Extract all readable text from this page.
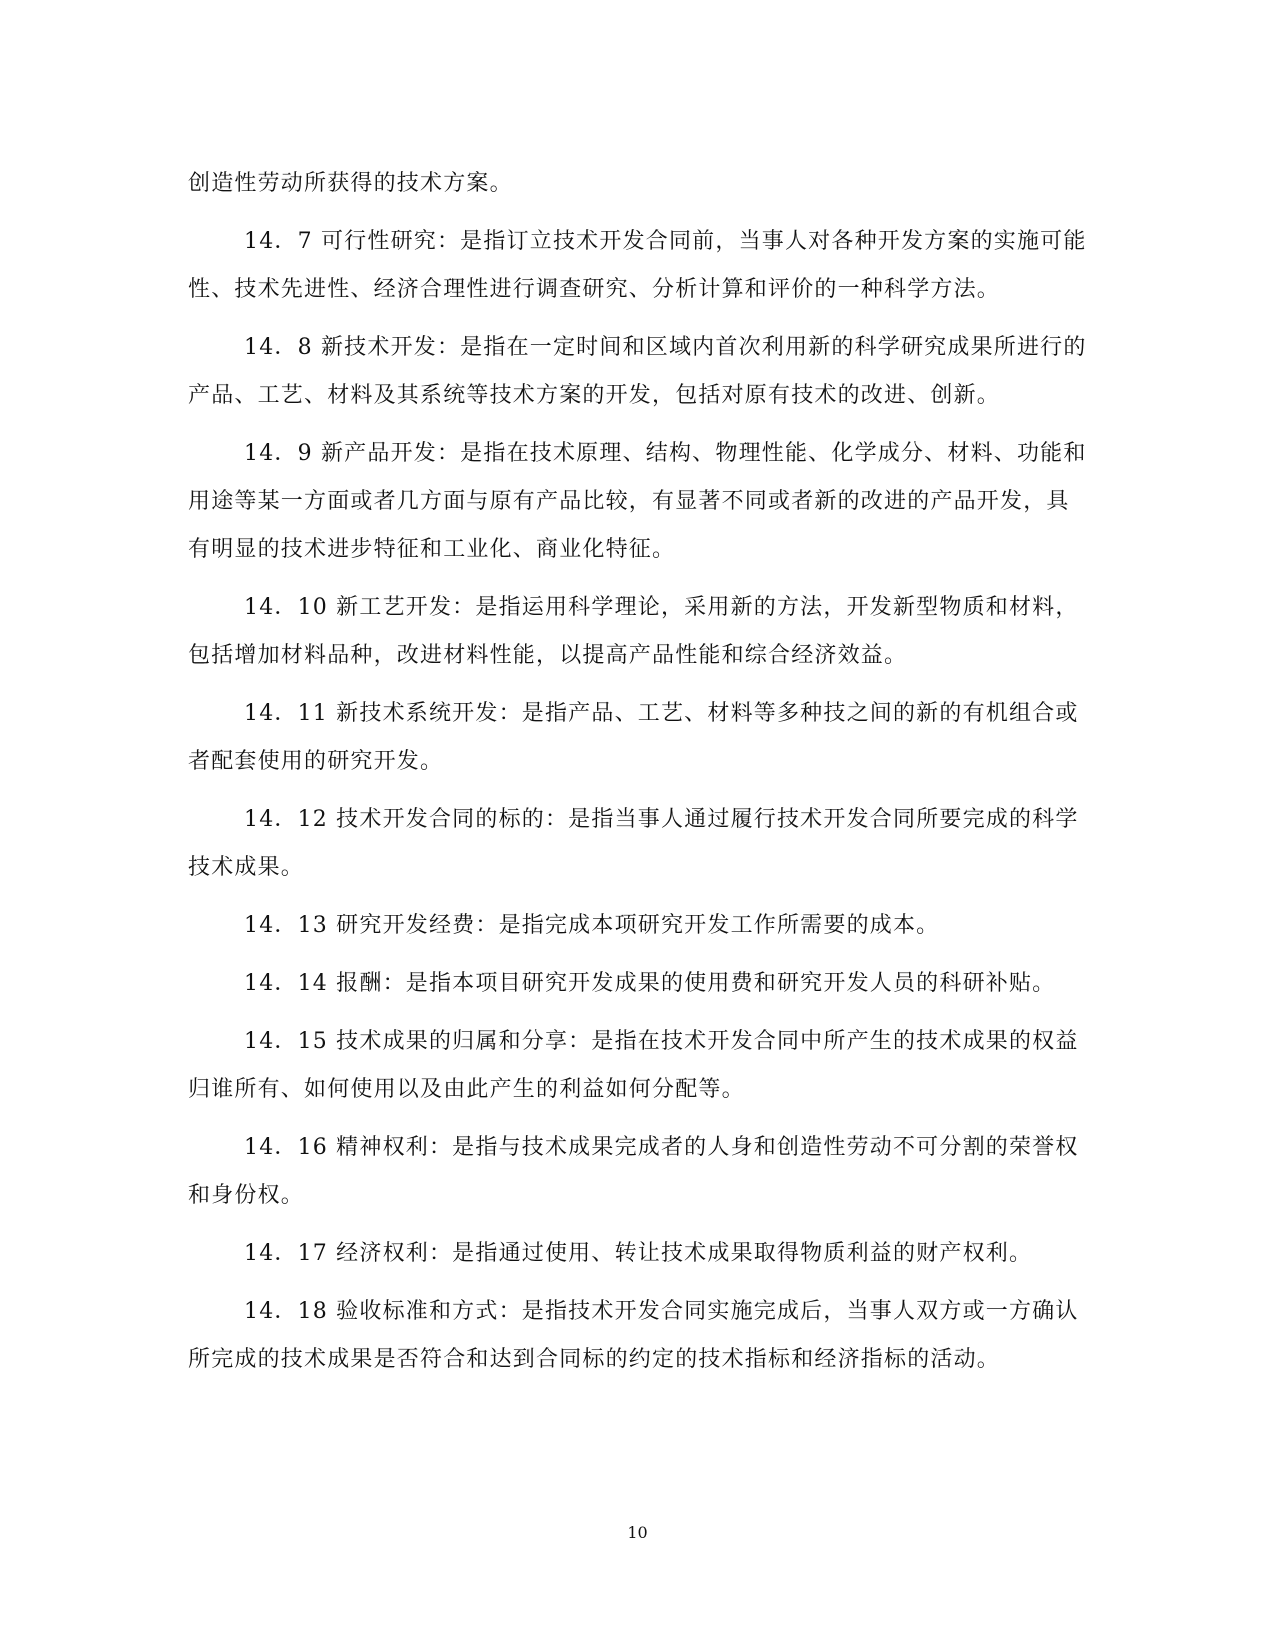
创造性劳动所获得的技术方案。

14．7 可行性研究：是指订立技术开发合同前，当事人对各种开发方案的实施可能性、技术先进性、经济合理性进行调查研究、分析计算和评价的一种科学方法。

14．8 新技术开发：是指在一定时间和区域内首次利用新的科学研究成果所进行的产品、工艺、材料及其系统等技术方案的开发，包括对原有技术的改进、创新。

14．9 新产品开发：是指在技术原理、结构、物理性能、化学成分、材料、功能和用途等某一方面或者几方面与原有产品比较，有显著不同或者新的改进的产品开发，具有明显的技术进步特征和工业化、商业化特征。

14．10 新工艺开发：是指运用科学理论，采用新的方法，开发新型物质和材料，包括增加材料品种，改进材料性能，以提高产品性能和综合经济效益。

14．11 新技术系统开发：是指产品、工艺、材料等多种技之间的新的有机组合或者配套使用的研究开发。

14．12 技术开发合同的标的：是指当事人通过履行技术开发合同所要完成的科学技术成果。

14．13 研究开发经费：是指完成本项研究开发工作所需要的成本。

14．14 报酬：是指本项目研究开发成果的使用费和研究开发人员的科研补贴。

14．15 技术成果的归属和分享：是指在技术开发合同中所产生的技术成果的权益归谁所有、如何使用以及由此产生的利益如何分配等。

14．16 精神权利：是指与技术成果完成者的人身和创造性劳动不可分割的荣誉权和身份权。

14．17 经济权利：是指通过使用、转让技术成果取得物质利益的财产权利。

14．18 验收标准和方式：是指技术开发合同实施完成后，当事人双方或一方确认所完成的技术成果是否符合和达到合同标的约定的技术指标和经济指标的活动。

10
